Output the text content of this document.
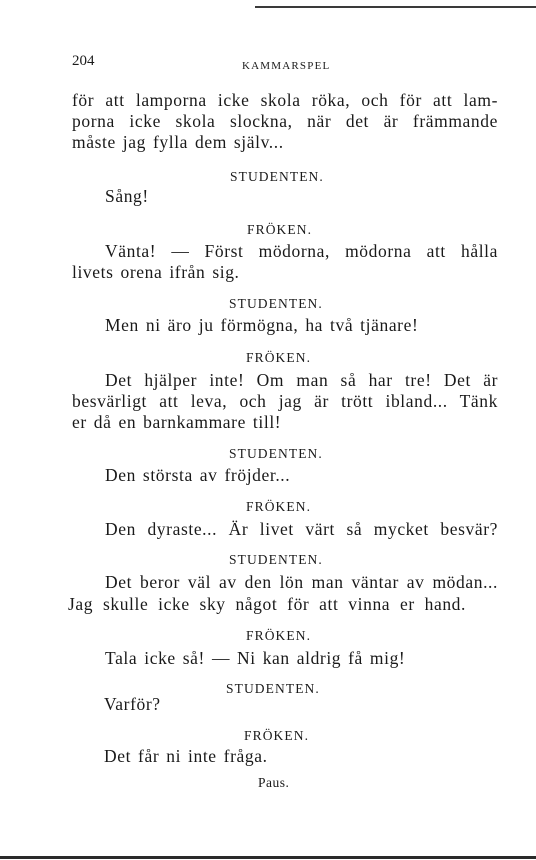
204	KAMMARSPEL
för att lamporna icke skola röka, och för att lam-
porna icke skola slockna, när det är främmande
måste jag fylla dem själv...
STUDENTEN.
Sång!
FRÖKEN.
Vänta! — Först mödorna, mödorna att hålla
livets orena ifrån sig.
STUDENTEN.
Men ni äro ju förmögna, ha två tjänare!
FRÖKEN.
Det hjälper inte! Om man så har tre! Det är
besvärligt att leva, och jag är trött ibland... Tänk
er då en barnkammare till!
STUDENTEN.
Den största av fröjder...
FRÖKEN.
Den dyraste... Är livet värt så mycket besvär?
STUDENTEN.
Det beror väl av den lön man väntar av mödan...
Jag skulle icke sky något för att vinna er hand.
FRÖKEN.
Tala icke så! — Ni kan aldrig få mig!
STUDENTEN.
Varför?
FRÖKEN.
Det får ni inte fråga.
Paus.
